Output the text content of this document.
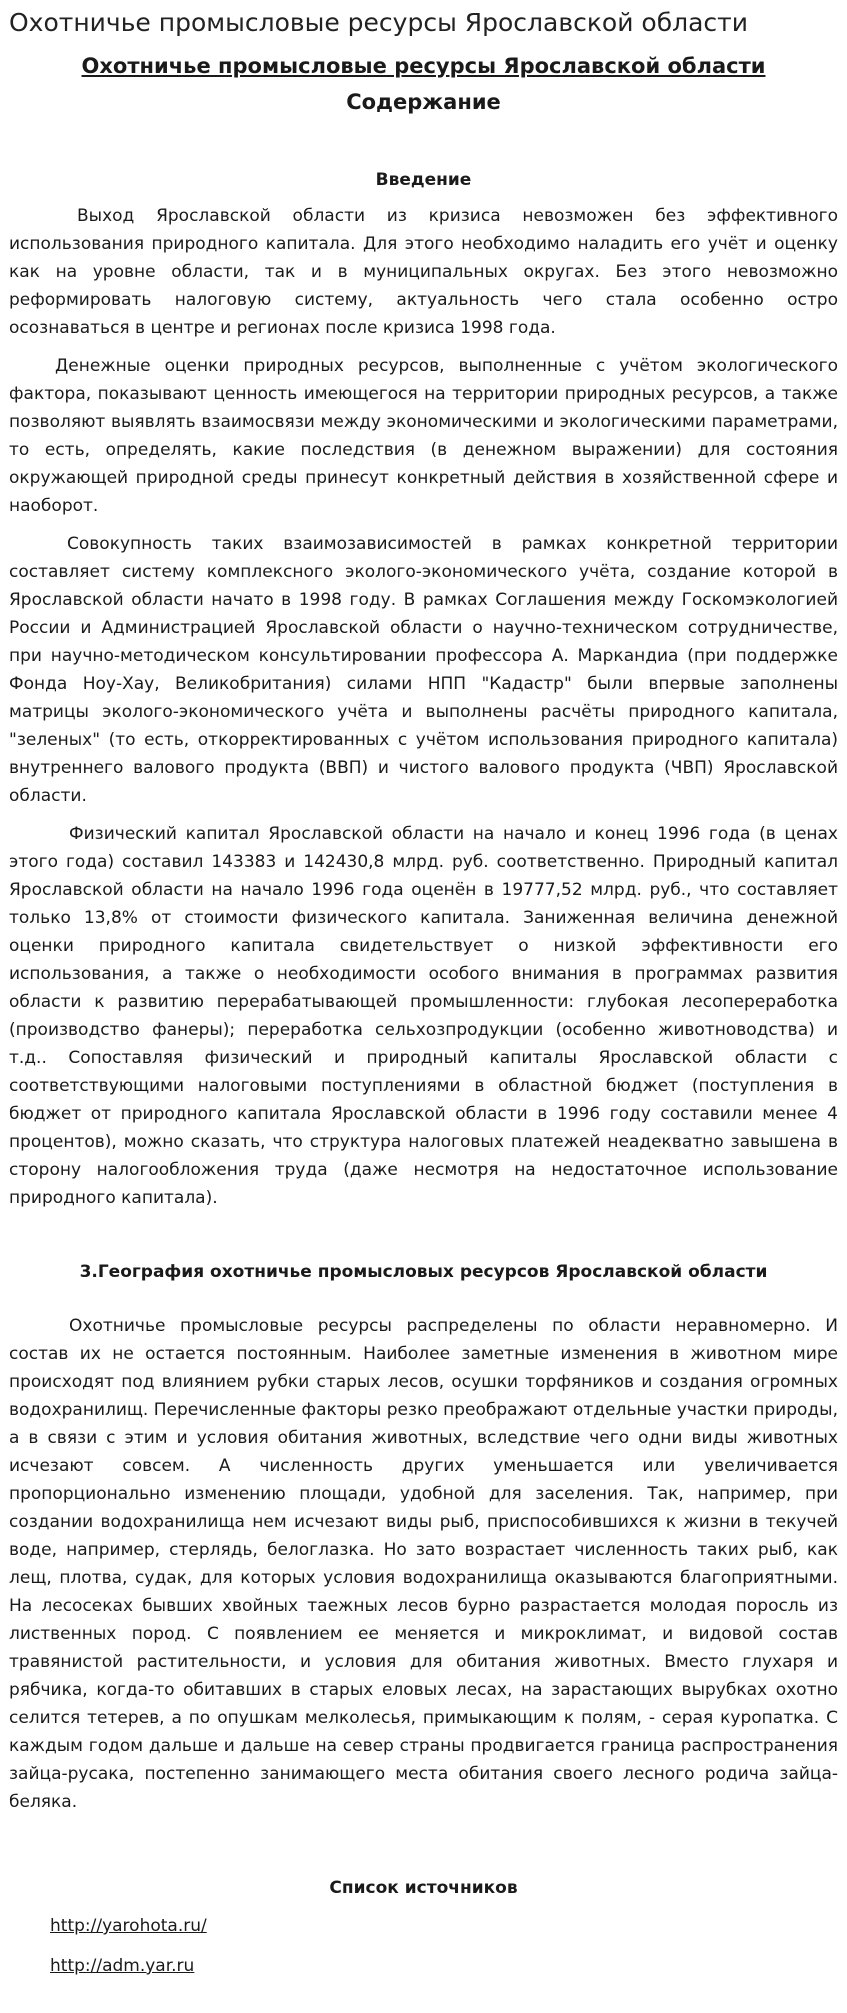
Охотничье промысловые ресурсы Ярославской области
Охотничье промысловые ресурсы Ярославской области
Содержание
Введение

Выход Ярославской области из кризиса невозможен без эффективного использования природного капитала. Для этого необходимо наладить его учёт и оценку как на уровне области, так и в муниципальных округах. Без этого невозможно реформировать налоговую систему, актуальность чего стала особенно остро осознаваться в центре и регионах после кризиса 1998 года.

Денежные оценки природных ресурсов, выполненные с учётом экологического фактора, показывают ценность имеющегося на территории природных ресурсов, а также позволяют выявлять взаимосвязи между экономическими и экологическими параметрами, то есть, определять, какие последствия (в денежном выражении) для состояния окружающей природной среды принесут конкретный действия в хозяйственной сфере и наоборот.

Совокупность таких взаимозависимостей в рамках конкретной территории составляет систему комплексного эколого-экономического учёта, создание которой в Ярославской области начато в 1998 году. В рамках Соглашения между Госкомэкологией России и Администрацией Ярославской области о научно-техническом сотрудничестве, при научно-методическом консультировании профессора А. Маркандиа (при поддержке Фонда Ноу-Хау, Великобритания) силами НПП "Кадастр" были впервые заполнены матрицы эколого-экономического учёта и выполнены расчёты природного капитала, "зеленых" (то есть, откорректированных с учётом использования природного капитала) внутреннего валового продукта (ВВП) и чистого валового продукта (ЧВП) Ярославской области.

Физический капитал Ярославской области на начало и конец 1996 года (в ценах этого года) составил 143383 и 142430,8 млрд. руб. соответственно. Природный капитал Ярославской области на начало 1996 года оценён в 19777,52 млрд. руб., что составляет только 13,8% от стоимости физического капитала. Заниженная величина денежной оценки природного капитала свидетельствует о низкой эффективности его использования, а также о необходимости особого внимания в программах развития области к развитию перерабатывающей промышленности: глубокая лесопереработка (производство фанеры); переработка сельхозпродукции (особенно животноводства) и т.д.. Сопоставляя физический и природный капиталы Ярославской области с соответствующими налоговыми поступлениями в областной бюджет (поступления в бюджет от природного капитала Ярославской области в 1996 году составили менее 4 процентов), можно сказать, что структура налоговых платежей неадекватно завышена в сторону налогообложения труда (даже несмотря на недостаточное использование природного капитала).

3.География охотничье промысловых ресурсов Ярославской области

Охотничье промысловые ресурсы распределены по области неравномерно. И состав их не остается постоянным. Наиболее заметные изменения в животном мире происходят под влиянием рубки старых лесов, осушки торфяников и создания огромных водохранилищ. Перечисленные факторы резко преображают отдельные участки природы, а в связи с этим и условия обитания животных, вследствие чего одни виды животных исчезают совсем. А численность других уменьшается или увеличивается пропорционально изменению площади, удобной для заселения. Так, например, при создании водохранилища нем исчезают виды рыб, приспособившихся к жизни в текучей воде, например, стерлядь, белоглазка. Но зато возрастает численность таких рыб, как лещ, плотва, судак, для которых условия водохранилища оказываются благоприятными. На лесосеках бывших хвойных таежных лесов бурно разрастается молодая поросль из лиственных пород. С появлением ее меняется и микроклимат, и видовой состав травянистой растительности, и условия для обитания животных. Вместо глухаря и рябчика, когда-то обитавших в старых еловых лесах, на зарастающих вырубках охотно селится тетерев, а по опушкам мелколесья, примыкающим к полям, - серая куропатка. С каждым годом дальше и дальше на север страны продвигается граница распространения зайца-русака, постепенно занимающего места обитания своего лесного родича зайца-беляка.

Список источников
http://yarohota.ru/
http://adm.yar.ru
